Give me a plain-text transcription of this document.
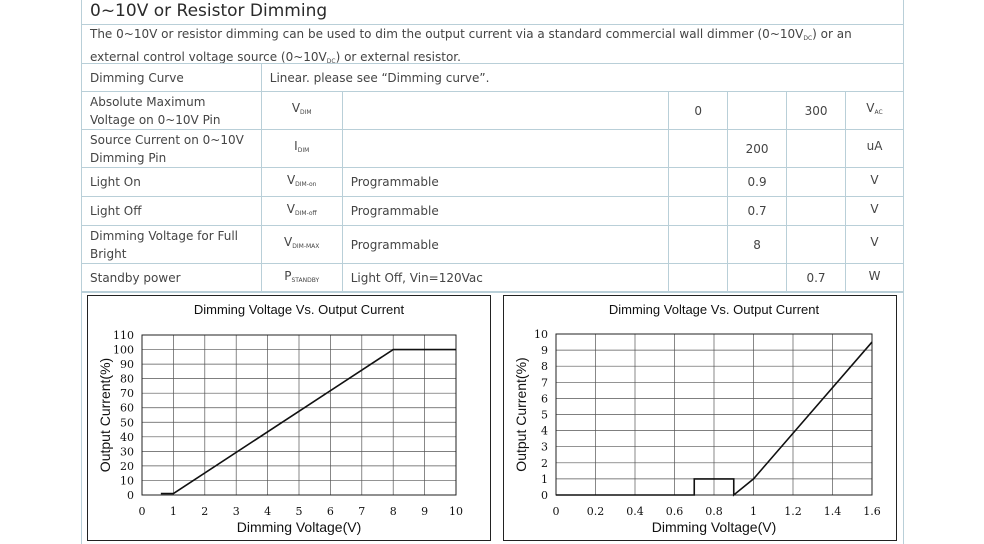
0~10V or Resistor Dimming
The 0~10V or resistor dimming can be used to dim the output current via a standard commercial wall dimmer $(0\sim 10V_{DC})$ or an external control voltage source $(0\sim 10V_{DC})$ or external resistor.
Dimming Curve	Linear. please see “Dimming curve”.					
Absolute Maximum Voltage on 0~10V Pin	$V_{DIM}$		0		300	$V_{AC}$
Source Current on 0~10V Dimming Pin	$I_{DIM}$			200		uA
Light On	$V_{DIM-on}$	Programmable		0.9		V
Light Off	$V_{DIM-off}$	Programmable		0.7		V
Dimming Voltage for Full Bright	$V_{DIM-MAX}$	Programmable		8		V
Standby power	$P_{STANDBY}$	Light Off, Vin=120Vac			0.7	W
Dimming Voltage Vs. Output Current
0 1 2 3 4 5 6 7 8 9 10
0
10
20
30
40
50
60
70
80
90
100
110
Dimming Voltage(V)
Output Current(%)
Dimming Voltage Vs. Output Current
0 0.2 0.4 0.6 0.8 1 1.2 1.4 1.6
0
1
2
3
4
5
6
7
8
9
10
Dimming Voltage(V)
Output Current(%)
